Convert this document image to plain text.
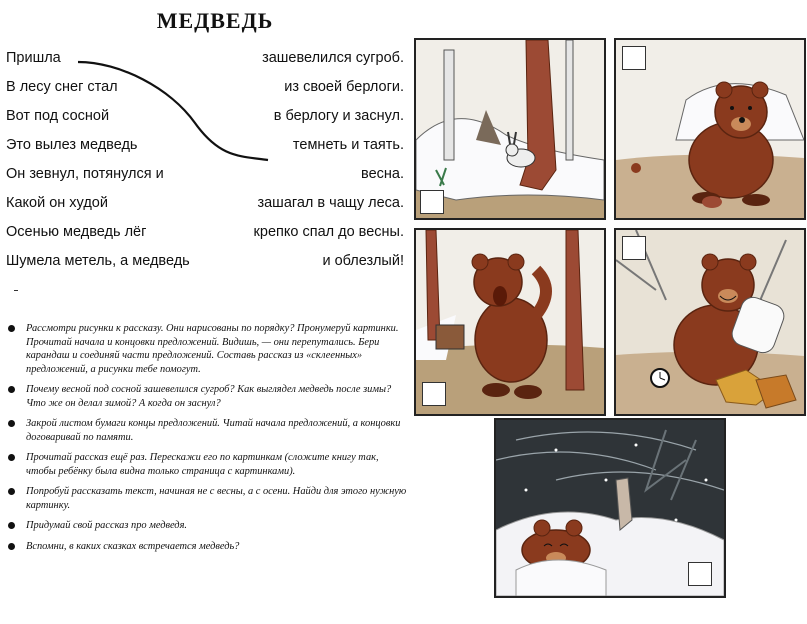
МЕДВЕДЬ
Пришла	зашевелился сугроб.
В лесу снег стал	из своей берлоги.
Вот под сосной	в берлогу и заснул.
Это вылез медведь	темнеть и таять.
Он зевнул, потянулся и	весна.
Какой он худой	зашагал в чащу леса.
Осенью медведь лёг	крепко спал до весны.
Шумела метель, а медведь	и облезлый!
Рассмотри рисунки к рассказу. Они нарисованы по порядку? Пронумеруй картинки. Прочитай начала и концовки предложений. Видишь, — они перепутались. Бери карандаш и соединяй части предложений. Составь рассказ из «склеенных» предложений, а рисунки тебе помогут.
Почему весной под сосной зашевелился сугроб? Как выглядел медведь после зимы? Что же он делал зимой? А когда он заснул?
Закрой листом бумаги концы предложений. Читай начала предложений, а концовки договаривай по памяти.
Прочитай рассказ ещё раз. Перескажи его по картинкам (сложите книгу так, чтобы ребёнку была видна только страница с картинками).
Попробуй рассказать текст, начиная не с весны, а с осени. Найди для этого нужную картинку.
Придумай свой рассказ про медведя.
Вспомни, в каких сказках встречается медведь?
